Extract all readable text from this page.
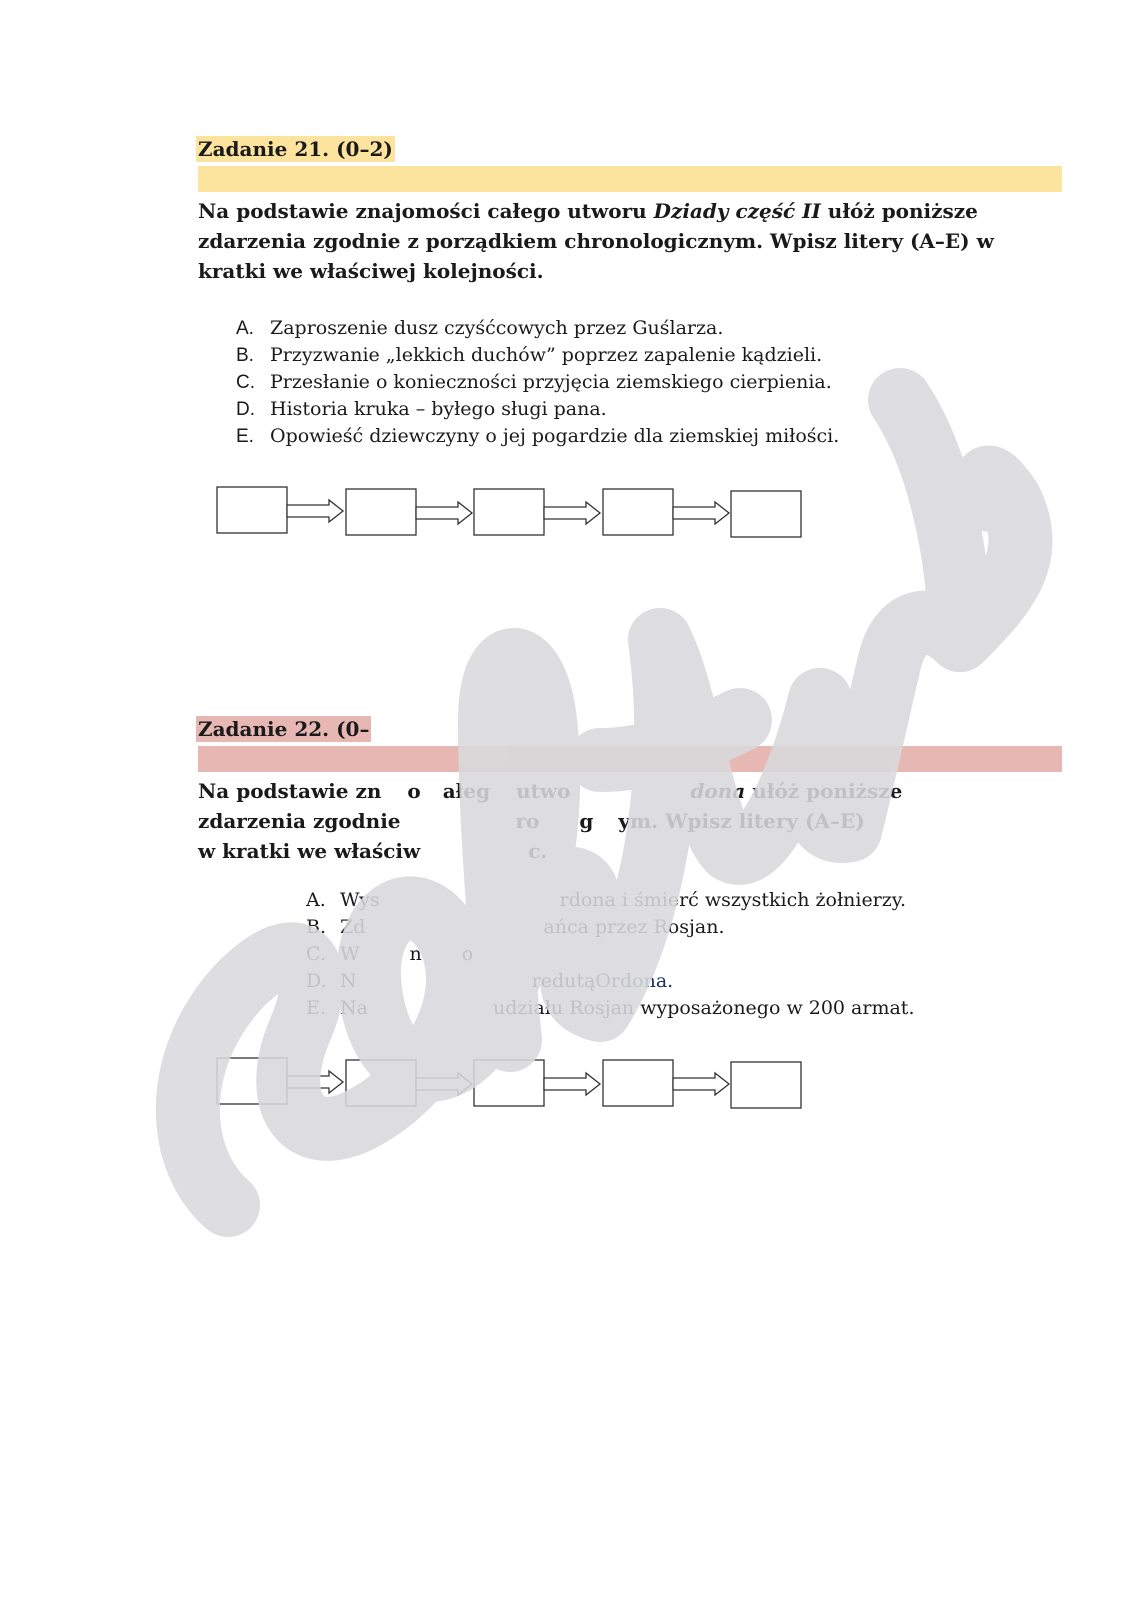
Zadanie 21. (0–2)
Na podstawie znajomości całego utworu Dziady część II ułóż poniższe zdarzenia zgodnie z porządkiem chronologicznym. Wpisz litery (A–E) w kratki we właściwej kolejności.
A. Zaproszenie dusz czyśćcowych przez Guślarza.
B. Przyzwanie „lekkich duchów” poprzez zapalenie kądzieli.
C. Przesłanie o konieczności przyjęcia ziemskiego cierpienia.
D. Historia kruka – byłego sługi pana.
E. Opowieść dziewczyny o jej pogardzie dla ziemskiej miłości.
Zadanie 22. (0–
Na podstawie zn o ałeg utwo	dona ułóż poniższe
zdarzenia zgodnie	ro g ym. Wpisz litery (A–E)
w kratki we właściw	c.
A. Wys	rdona i śmierć wszystkich żołnierzy.
B. Zd	ańca przez Rosjan.
C. W	n o
D. N	redutą Ordona.
E. Na	udziału Rosjan wyposażonego w 200 armat.
